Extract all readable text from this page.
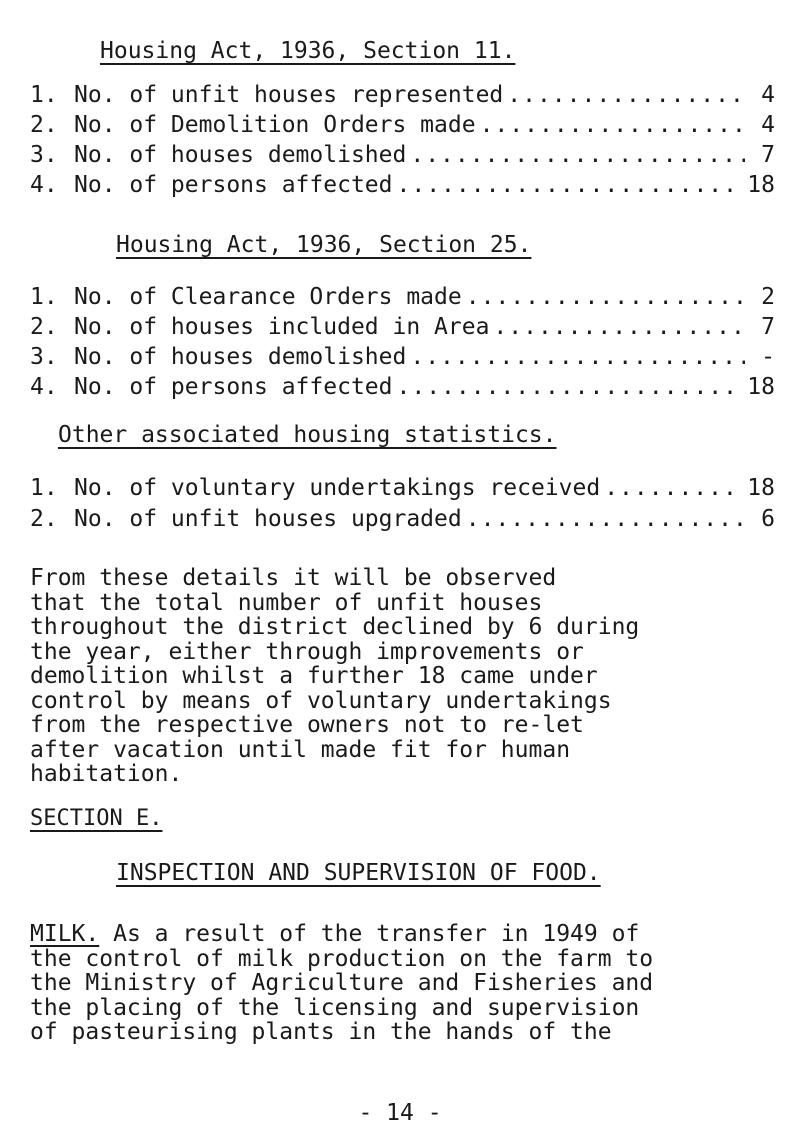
Housing Act, 1936, Section 11.
1. No. of unfit houses represented .....	4
2. No. of Demolition Orders made .....	4
3. No. of houses demolished .....	7
4. No. of persons affected .....	18
Housing Act, 1936, Section 25.
1. No. of Clearance Orders made .....	2
2. No. of houses included in Area .....	7
3. No. of houses demolished .....	-
4. No. of persons affected .....	18
Other associated housing statistics.
1. No. of voluntary undertakings received .....	18
2. No. of unfit houses upgraded .....	6

From these details it will be observed
that the total number of unfit houses
throughout the district declined by 6 during
the year, either through improvements or
demolition whilst a further 18 came under
control by means of voluntary undertakings
from the respective owners not to re-let
after vacation until made fit for human
habitation.

SECTION E.
INSPECTION AND SUPERVISION OF FOOD.

MILK. As a result of the transfer in 1949 of
the control of milk production on the farm to
the Ministry of Agriculture and Fisheries and
the placing of the licensing and supervision
of pasteurising plants in the hands of the

- 14 -
